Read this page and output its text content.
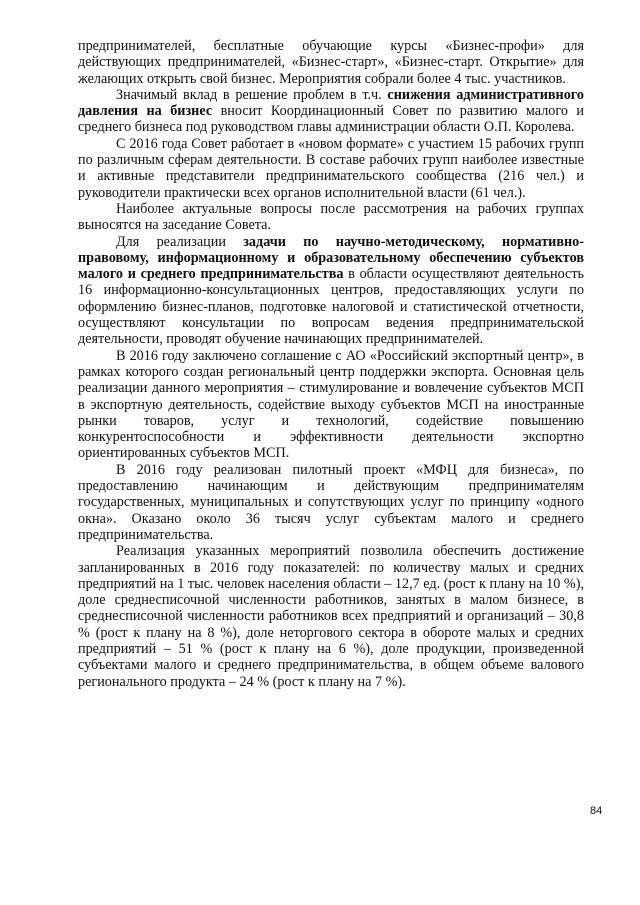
предпринимателей, бесплатные обучающие курсы «Бизнес-профи» для действующих предпринимателей, «Бизнес-старт», «Бизнес-старт. Открытие» для желающих открыть свой бизнес. Мероприятия собрали более 4 тыс. участников.

Значимый вклад в решение проблем в т.ч. снижения административного давления на бизнес вносит Координационный Совет по развитию малого и среднего бизнеса под руководством главы администрации области О.П. Королева.

С 2016 года Совет работает в «новом формате» с участием 15 рабочих групп по различным сферам деятельности. В составе рабочих групп наиболее известные и активные представители предпринимательского сообщества (216 чел.) и руководители практически всех органов исполнительной власти (61 чел.).

Наиболее актуальные вопросы после рассмотрения на рабочих группах выносятся на заседание Совета.

Для реализации задачи по научно-методическому, нормативно-правовому, информационному и образовательному обеспечению субъектов малого и среднего предпринимательства в области осуществляют деятельность 16 информационно-консультационных центров, предоставляющих услуги по оформлению бизнес-планов, подготовке налоговой и статистической отчетности, осуществляют консультации по вопросам ведения предпринимательской деятельности, проводят обучение начинающих предпринимателей.

В 2016 году заключено соглашение с АО «Российский экспортный центр», в рамках которого создан региональный центр поддержки экспорта. Основная цель реализации данного мероприятия – стимулирование и вовлечение субъектов МСП в экспортную деятельность, содействие выходу субъектов МСП на иностранные рынки товаров, услуг и технологий, содействие повышению конкурентоспособности и эффективности деятельности экспортно ориентированных субъектов МСП.

В 2016 году реализован пилотный проект «МФЦ для бизнеса», по предоставлению начинающим и действующим предпринимателям государственных, муниципальных и сопутствующих услуг по принципу «одного окна». Оказано около 36 тысяч услуг субъектам малого и среднего предпринимательства.

Реализация указанных мероприятий позволила обеспечить достижение запланированных в 2016 году показателей: по количеству малых и средних предприятий на 1 тыс. человек населения области – 12,7 ед. (рост к плану на 10 %), доле среднесписочной численности работников, занятых в малом бизнесе, в среднесписочной численности работников всех предприятий и организаций – 30,8 % (рост к плану на 8 %), доле неторгового сектора в обороте малых и средних предприятий – 51 % (рост к плану на 6 %), доле продукции, произведенной субъектами малого и среднего предпринимательства, в общем объеме валового регионального продукта – 24 % (рост к плану на 7 %).

84
